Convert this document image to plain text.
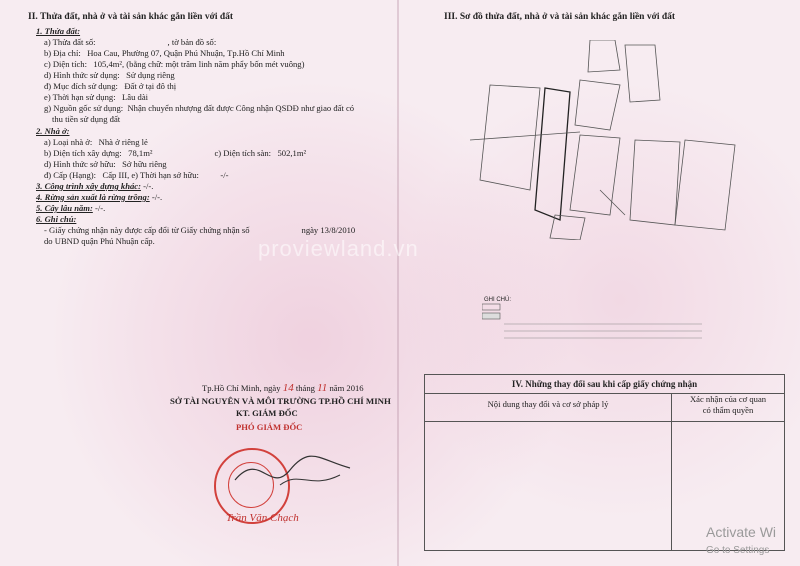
II. Thửa đất, nhà ở và tài sản khác gắn liền với đất
1. Thửa đất:
a) Thửa đất số:	, tờ bản đồ số:
b) Địa chỉ: Hoa Cau, Phường 07, Quận Phú Nhuận, Tp.Hồ Chí Minh
c) Diện tích: 105,4m², (bằng chữ: một trăm linh năm phẩy bốn mét vuông)
d) Hình thức sử dụng: Sử dụng riêng
đ) Mục đích sử dụng: Đất ở tại đô thị
e) Thời hạn sử dụng: Lâu dài
g) Nguồn gốc sử dụng: Nhận chuyển nhượng đất được Công nhận QSDĐ như giao đất có
thu tiền sử dụng đất
2. Nhà ở:
a) Loại nhà ở: Nhà ở riêng lẻ
b) Diện tích xây dựng: 78,1m²	c) Diện tích sàn: 502,1m²
d) Hình thức sở hữu: Sở hữu riêng
đ) Cấp (Hạng): Cấp III, e) Thời hạn sở hữu: -/-
3. Công trình xây dựng khác: -/-.
4. Rừng sản xuất là rừng trồng: -/-.
5. Cây lâu năm: -/-.
6. Ghi chú:
- Giấy chứng nhận này được cấp đổi từ Giấy chứng nhận số	ngày 13/8/2010
do UBND quận Phú Nhuận cấp.
Tp.Hồ Chí Minh, ngày 14 tháng 11 năm 2016
SỞ TÀI NGUYÊN VÀ MÔI TRƯỜNG TP.HỒ CHÍ MINH
KT. GIÁM ĐỐC
PHÓ GIÁM ĐỐC
Trần Văn Chạch
III. Sơ đồ thửa đất, nhà ở và tài sản khác gắn liền với đất
GHI CHÚ:
proviewland.vn
IV. Những thay đổi sau khi cấp giấy chứng nhận
Nội dung thay đổi và cơ sở pháp lý	Xác nhận của cơ quan
có thẩm quyền
Activate Wi
Go to Settings
